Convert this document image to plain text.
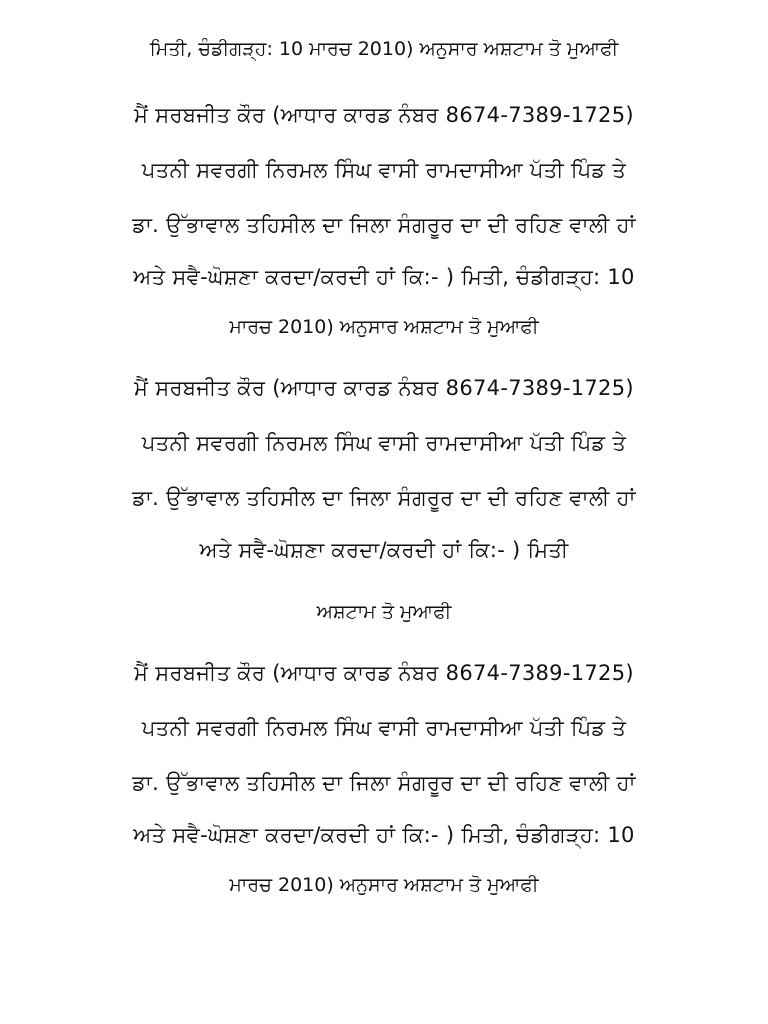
ਮਿਤੀ, ਚੰਡੀਗੜ੍ਹ: 10 ਮਾਰਚ 2010) ਅਨੁਸਾਰ ਅਸ਼ਟਾਮ ਤੋ ਮੁਆਫੀ
ਮੈਂ ਸਰਬਜੀਤ ਕੌਰ (ਆਧਾਰ ਕਾਰਡ ਨੰਬਰ 8674-7389-1725)
ਪਤਨੀ ਸਵਰਗੀ ਨਿਰਮਲ ਸਿੰਘ ਵਾਸੀ ਰਾਮਦਾਸੀਆ ਪੱਤੀ ਪਿੰਡ ਤੇ
ਡਾ. ਉੱਭਾਵਾਲ ਤਹਿਸੀਲ ਦਾ ਜਿਲਾ ਸੰਗਰੂਰ ਦਾ ਦੀ ਰਹਿਣ ਵਾਲੀ ਹਾਂ
ਅਤੇ ਸਵੈ-ਘੋਸ਼ਣਾ ਕਰਦਾ/ਕਰਦੀ ਹਾਂ ਕਿ:- ) ਮਿਤੀ, ਚੰਡੀਗੜ੍ਹ: 10
ਮਾਰਚ 2010) ਅਨੁਸਾਰ ਅਸ਼ਟਾਮ ਤੋ ਮੁਆਫੀ
ਮੈਂ ਸਰਬਜੀਤ ਕੌਰ (ਆਧਾਰ ਕਾਰਡ ਨੰਬਰ 8674-7389-1725)
ਪਤਨੀ ਸਵਰਗੀ ਨਿਰਮਲ ਸਿੰਘ ਵਾਸੀ ਰਾਮਦਾਸੀਆ ਪੱਤੀ ਪਿੰਡ ਤੇ
ਡਾ. ਉੱਭਾਵਾਲ ਤਹਿਸੀਲ ਦਾ ਜਿਲਾ ਸੰਗਰੂਰ ਦਾ ਦੀ ਰਹਿਣ ਵਾਲੀ ਹਾਂ
ਅਤੇ ਸਵੈ-ਘੋਸ਼ਣਾ ਕਰਦਾ/ਕਰਦੀ ਹਾਂ ਕਿ:- ) ਮਿਤੀ
ਅਸ਼ਟਾਮ ਤੋ ਮੁਆਫੀ
ਮੈਂ ਸਰਬਜੀਤ ਕੌਰ (ਆਧਾਰ ਕਾਰਡ ਨੰਬਰ 8674-7389-1725)
ਪਤਨੀ ਸਵਰਗੀ ਨਿਰਮਲ ਸਿੰਘ ਵਾਸੀ ਰਾਮਦਾਸੀਆ ਪੱਤੀ ਪਿੰਡ ਤੇ
ਡਾ. ਉੱਭਾਵਾਲ ਤਹਿਸੀਲ ਦਾ ਜਿਲਾ ਸੰਗਰੂਰ ਦਾ ਦੀ ਰਹਿਣ ਵਾਲੀ ਹਾਂ
ਅਤੇ ਸਵੈ-ਘੋਸ਼ਣਾ ਕਰਦਾ/ਕਰਦੀ ਹਾਂ ਕਿ:- ) ਮਿਤੀ, ਚੰਡੀਗੜ੍ਹ: 10
ਮਾਰਚ 2010) ਅਨੁਸਾਰ ਅਸ਼ਟਾਮ ਤੋ ਮੁਆਫੀ
